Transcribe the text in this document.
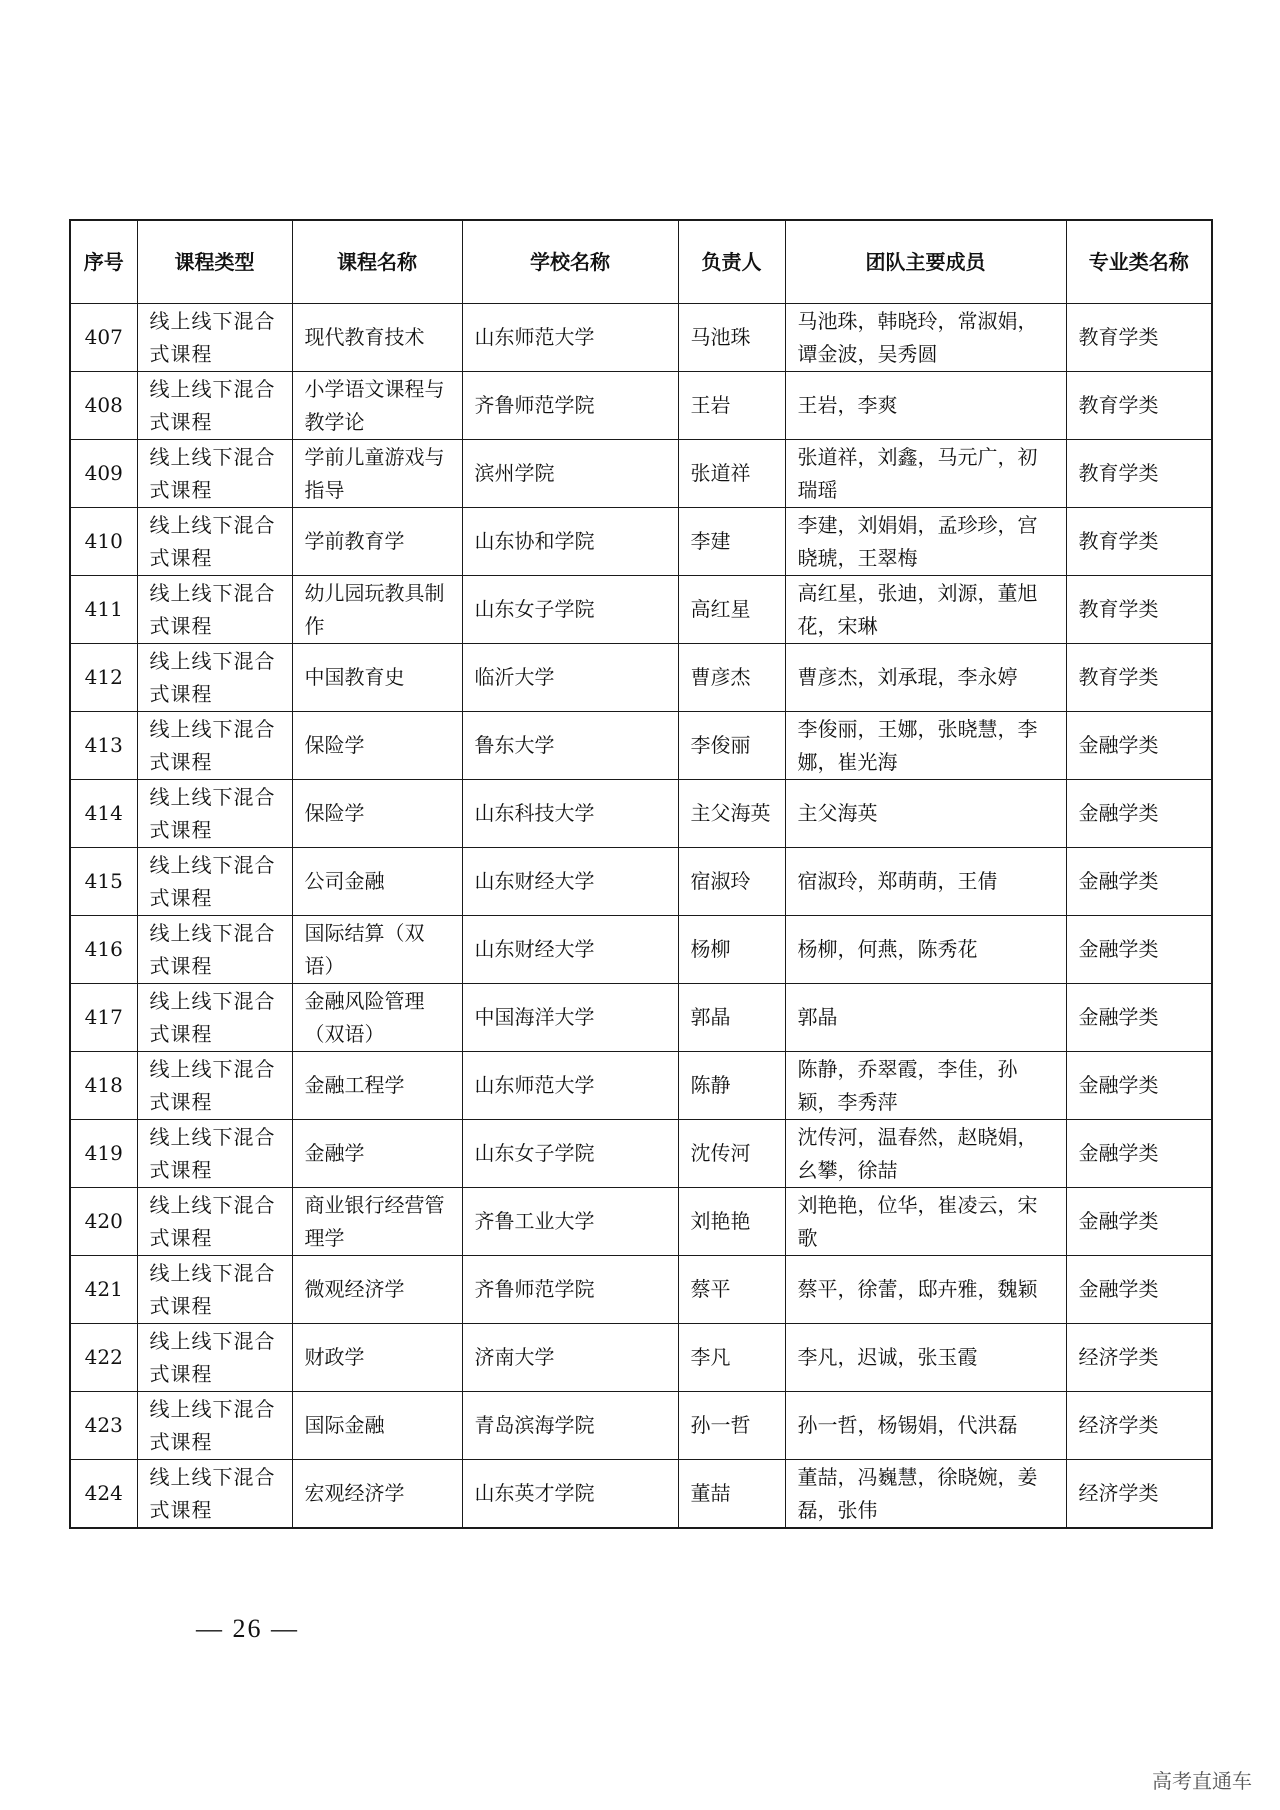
序号	课程类型	课程名称	学校名称	负责人	团队主要成员	专业类名称
407	线上线下混合式课程	现代教育技术	山东师范大学	马池珠	马池珠，韩晓玲，常淑娟，谭金波，吴秀圆	教育学类
408	线上线下混合式课程	小学语文课程与教学论	齐鲁师范学院	王岩	王岩，李爽	教育学类
409	线上线下混合式课程	学前儿童游戏与指导	滨州学院	张道祥	张道祥，刘鑫，马元广，初瑞瑶	教育学类
410	线上线下混合式课程	学前教育学	山东协和学院	李建	李建，刘娟娟，孟珍珍，宫晓琥，王翠梅	教育学类
411	线上线下混合式课程	幼儿园玩教具制作	山东女子学院	高红星	高红星，张迪，刘源，董旭花，宋琳	教育学类
412	线上线下混合式课程	中国教育史	临沂大学	曹彦杰	曹彦杰，刘承琨，李永婷	教育学类
413	线上线下混合式课程	保险学	鲁东大学	李俊丽	李俊丽，王娜，张晓慧，李娜，崔光海	金融学类
414	线上线下混合式课程	保险学	山东科技大学	主父海英	主父海英	金融学类
415	线上线下混合式课程	公司金融	山东财经大学	宿淑玲	宿淑玲，郑萌萌，王倩	金融学类
416	线上线下混合式课程	国际结算（双语）	山东财经大学	杨柳	杨柳，何燕，陈秀花	金融学类
417	线上线下混合式课程	金融风险管理（双语）	中国海洋大学	郭晶	郭晶	金融学类
418	线上线下混合式课程	金融工程学	山东师范大学	陈静	陈静，乔翠霞，李佳，孙颖，李秀萍	金融学类
419	线上线下混合式课程	金融学	山东女子学院	沈传河	沈传河，温春然，赵晓娟，幺攀，徐喆	金融学类
420	线上线下混合式课程	商业银行经营管理学	齐鲁工业大学	刘艳艳	刘艳艳，位华，崔凌云，宋歌	金融学类
421	线上线下混合式课程	微观经济学	齐鲁师范学院	蔡平	蔡平，徐蕾，邸卉雅，魏颖	金融学类
422	线上线下混合式课程	财政学	济南大学	李凡	李凡，迟诚，张玉霞	经济学类
423	线上线下混合式课程	国际金融	青岛滨海学院	孙一哲	孙一哲，杨锡娟，代洪磊	经济学类
424	线上线下混合式课程	宏观经济学	山东英才学院	董喆	董喆，冯巍慧，徐晓婉，姜磊，张伟	经济学类
— 26 —
高考直通车
